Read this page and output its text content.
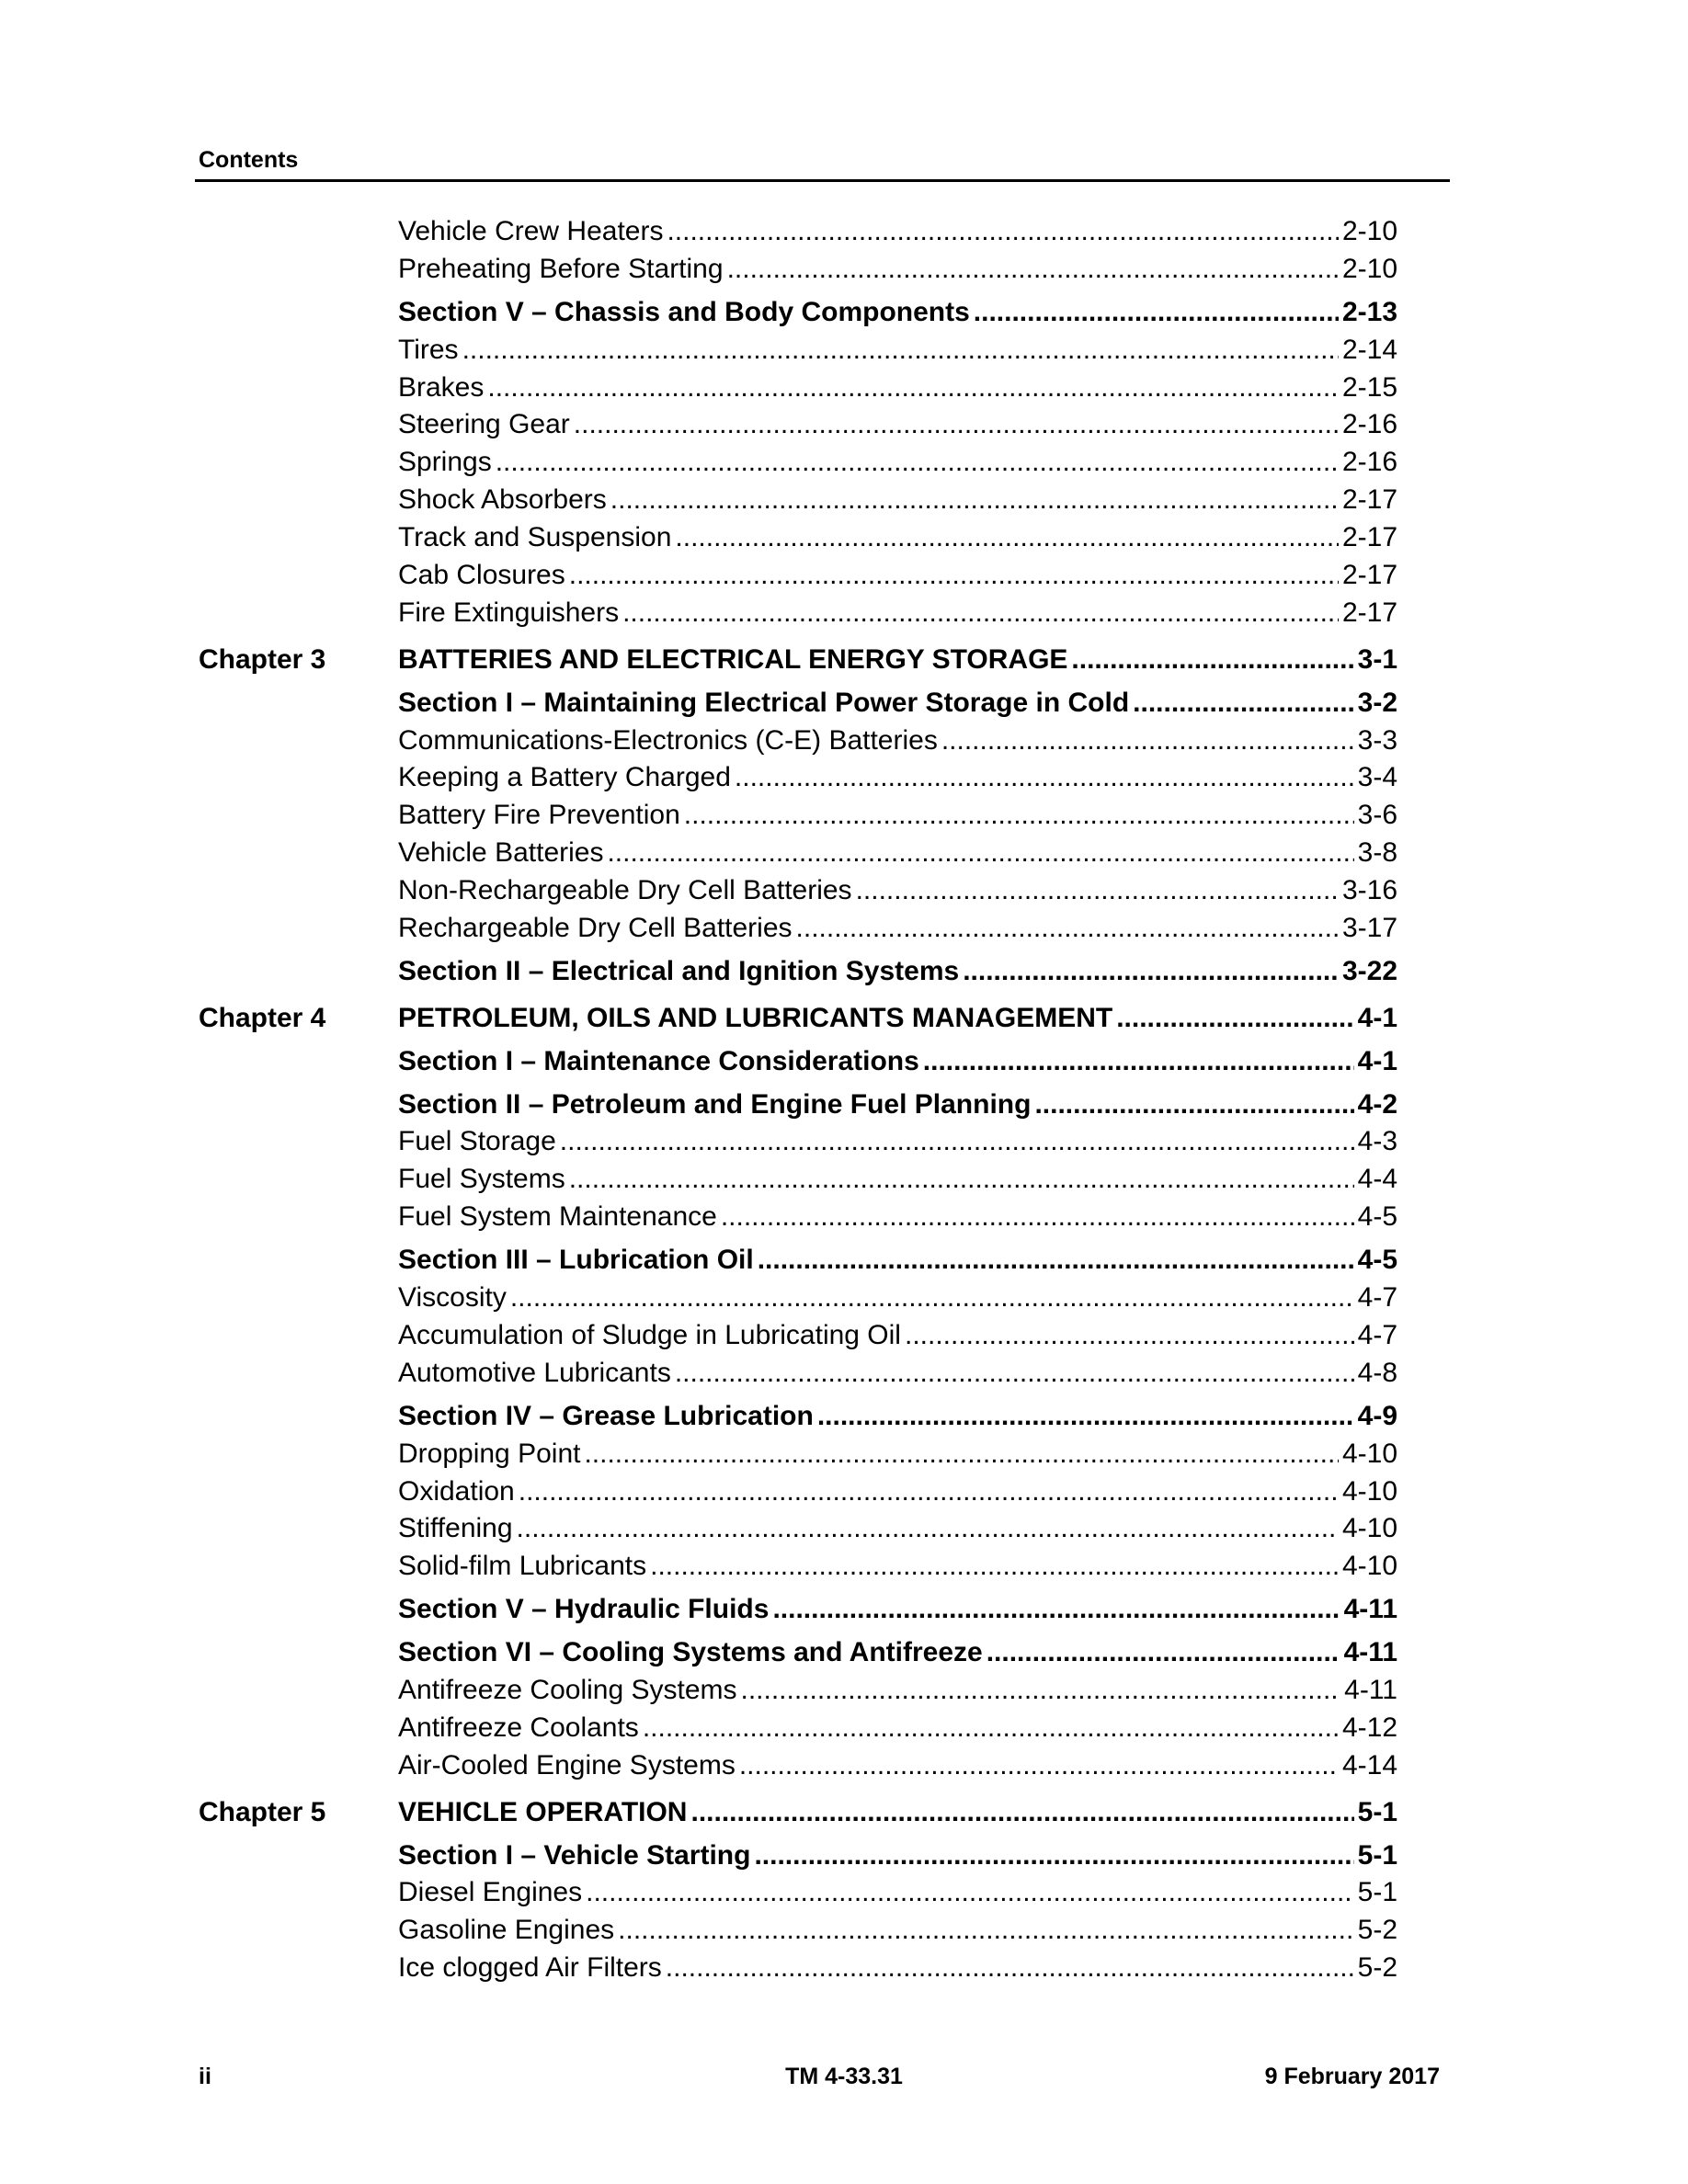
Contents
Vehicle Crew Heaters .....	2-10
Preheating Before Starting .....	2-10
Section V – Chassis and Body Components .....	2-13
Tires .....	2-14
Brakes .....	2-15
Steering Gear .....	2-16
Springs .....	2-16
Shock Absorbers .....	2-17
Track and Suspension .....	2-17
Cab Closures .....	2-17
Fire Extinguishers .....	2-17
Chapter 3	BATTERIES AND ELECTRICAL ENERGY STORAGE .....	3-1
Section I – Maintaining Electrical Power Storage in Cold .....	3-2
Communications-Electronics (C-E) Batteries .....	3-3
Keeping a Battery Charged .....	3-4
Battery Fire Prevention .....	3-6
Vehicle Batteries .....	3-8
Non-Rechargeable Dry Cell Batteries .....	3-16
Rechargeable Dry Cell Batteries .....	3-17
Section II – Electrical and Ignition Systems .....	3-22
Chapter 4	PETROLEUM, OILS AND LUBRICANTS MANAGEMENT .....	4-1
Section I – Maintenance Considerations .....	4-1
Section II – Petroleum and Engine Fuel Planning .....	4-2
Fuel Storage .....	4-3
Fuel Systems .....	4-4
Fuel System Maintenance .....	4-5
Section III – Lubrication Oil .....	4-5
Viscosity .....	4-7
Accumulation of Sludge in Lubricating Oil .....	4-7
Automotive Lubricants .....	4-8
Section IV – Grease Lubrication .....	4-9
Dropping Point .....	4-10
Oxidation .....	4-10
Stiffening .....	4-10
Solid-film Lubricants .....	4-10
Section V – Hydraulic Fluids .....	4-11
Section VI – Cooling Systems and Antifreeze .....	4-11
Antifreeze Cooling Systems .....	4-11
Antifreeze Coolants .....	4-12
Air-Cooled Engine Systems .....	4-14
Chapter 5	VEHICLE OPERATION .....	5-1
Section I – Vehicle Starting .....	5-1
Diesel Engines .....	5-1
Gasoline Engines .....	5-2
Ice clogged Air Filters .....	5-2
ii	TM 4-33.31	9 February 2017
